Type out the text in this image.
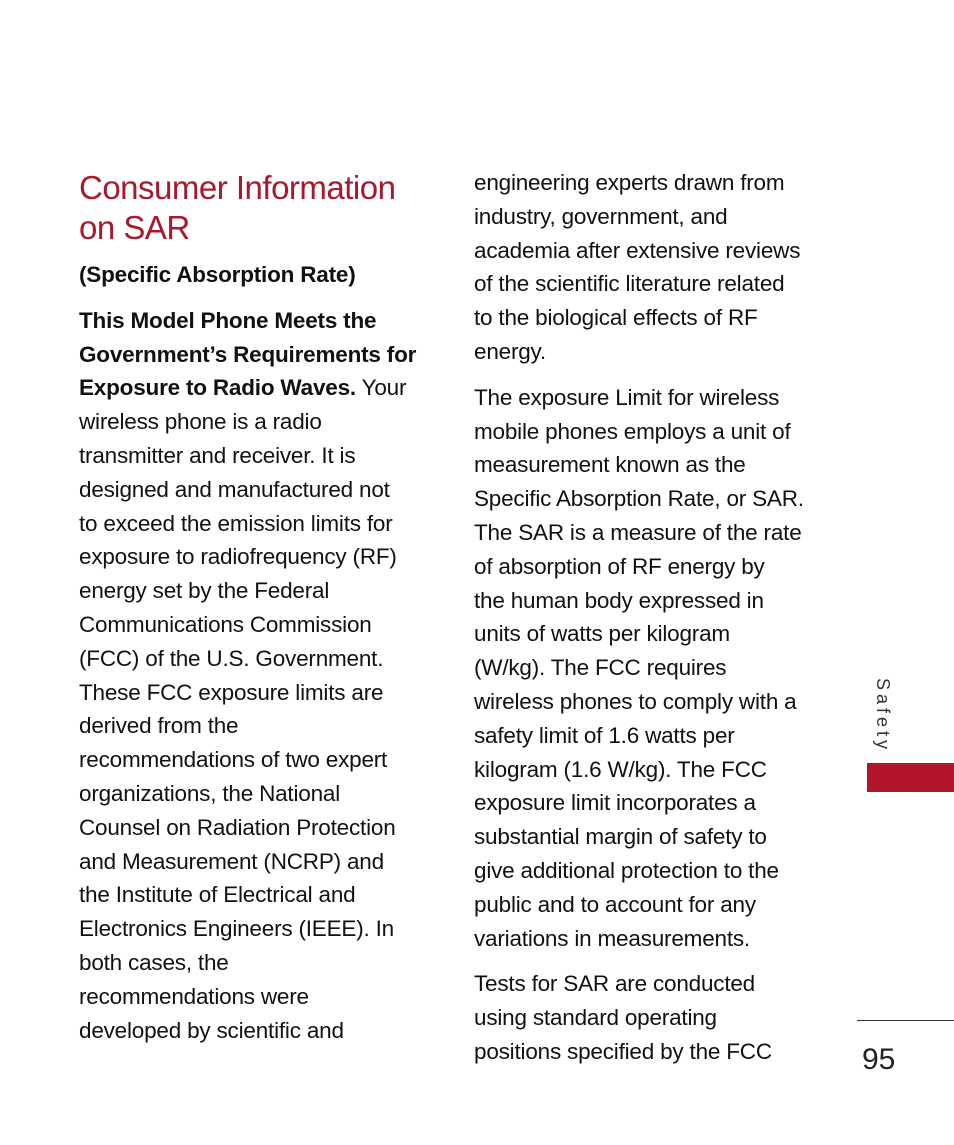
Consumer Information
on SAR

(Specific Absorption Rate)

This Model Phone Meets the
Government’s Requirements for
Exposure to Radio Waves. Your
wireless phone is a radio
transmitter and receiver. It is
designed and manufactured not
to exceed the emission limits for
exposure to radiofrequency (RF)
energy set by the Federal
Communications Commission
(FCC) of the U.S. Government.
These FCC exposure limits are
derived from the
recommendations of two expert
organizations, the National
Counsel on Radiation Protection
and Measurement (NCRP) and
the Institute of Electrical and
Electronics Engineers (IEEE). In
both cases, the
recommendations were
developed by scientific and

engineering experts drawn from
industry, government, and
academia after extensive reviews
of the scientific literature related
to the biological effects of RF
energy.

The exposure Limit for wireless
mobile phones employs a unit of
measurement known as the
Specific Absorption Rate, or SAR.
The SAR is a measure of the rate
of absorption of RF energy by
the human body expressed in
units of watts per kilogram
(W/kg). The FCC requires
wireless phones to comply with a
safety limit of 1.6 watts per
kilogram (1.6 W/kg). The FCC
exposure limit incorporates a
substantial margin of safety to
give additional protection to the
public and to account for any
variations in measurements.

Tests for SAR are conducted
using standard operating
positions specified by the FCC

Safety
95
